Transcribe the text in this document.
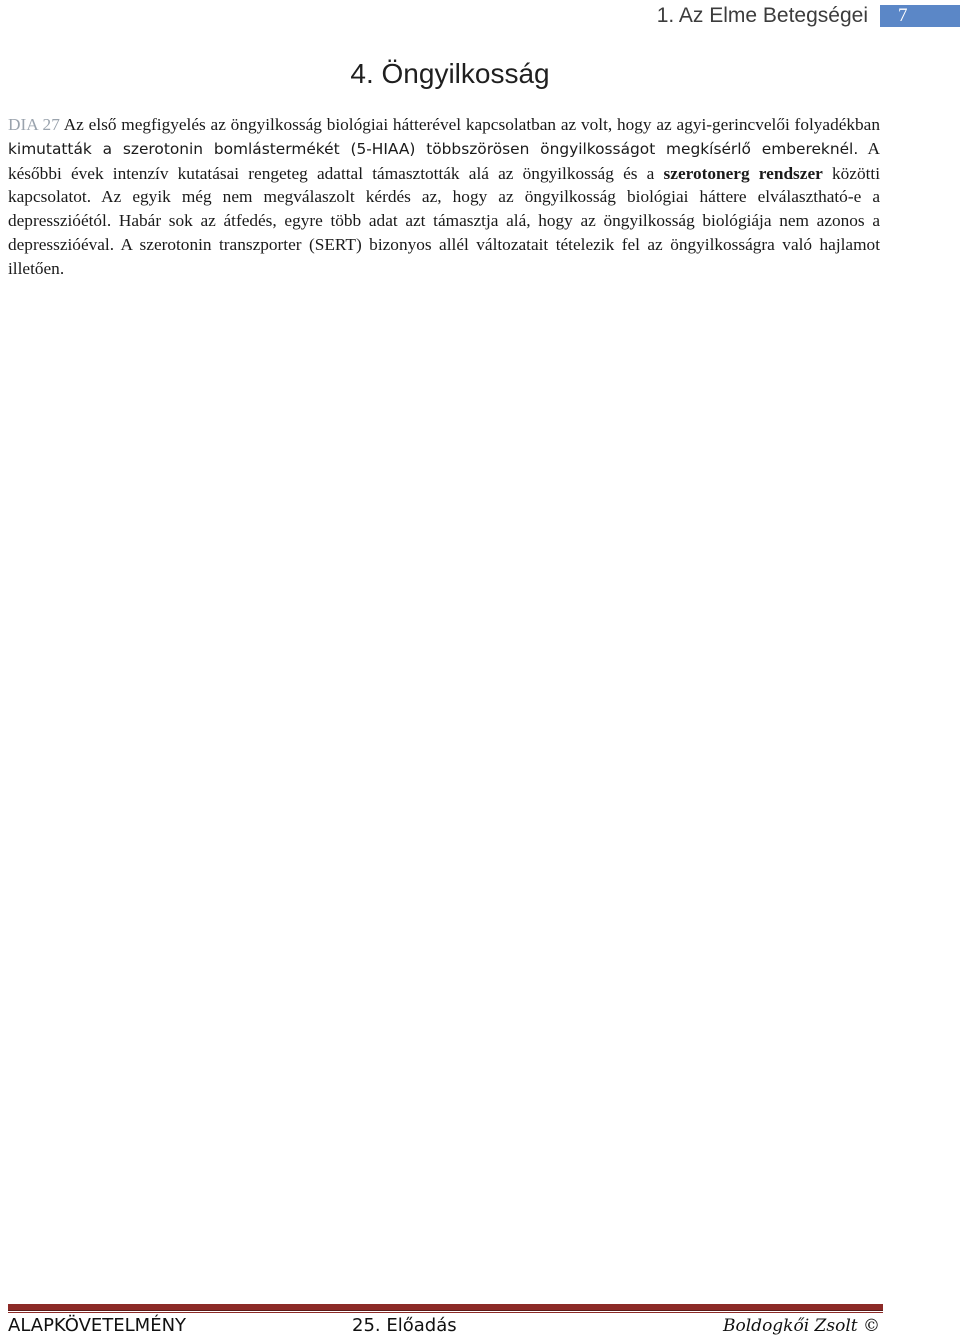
1. Az Elme Betegségei	7
4. Öngyilkosság

DIA 27 Az első megfigyelés az öngyilkosság biológiai hátterével kapcsolatban az volt, hogy az agyi-gerincvelői folyadékban kimutatták a szerotonin bomlástermékét (5-HIAA) többszörösen öngyilkosságot megkísérlő embereknél. A későbbi évek intenzív kutatásai rengeteg adattal támasztották alá az öngyilkosság és a szerotonerg rendszer közötti kapcsolatot. Az egyik még nem megválaszolt kérdés az, hogy az öngyilkosság biológiai háttere elválasztható-e a depresszióétól. Habár sok az átfedés, egyre több adat azt támasztja alá, hogy az öngyilkosság biológiája nem azonos a depresszióéval. A szerotonin transzporter (SERT) bizonyos allél változatait tételezik fel az öngyilkosságra való hajlamot illetően.

ALAPKÖVETELMÉNY	25. Előadás	Boldogkői Zsolt ©
